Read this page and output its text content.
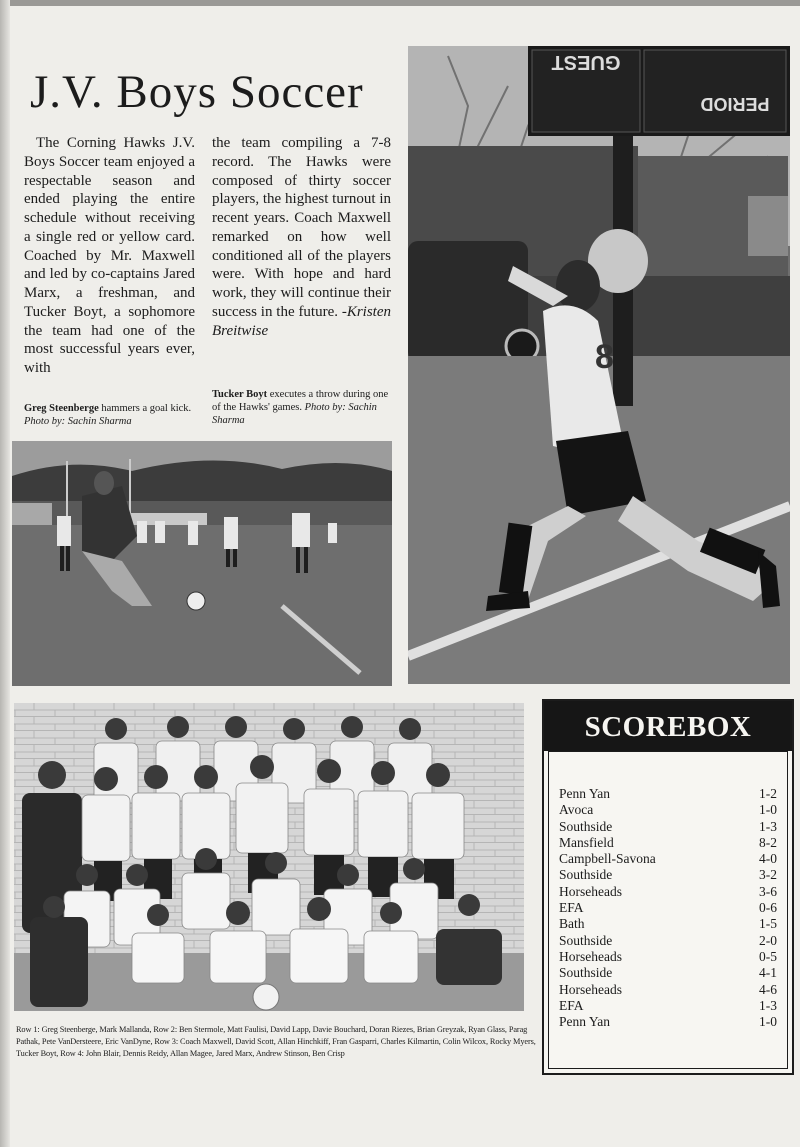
J.V. Boys Soccer

The Corning Hawks J.V. Boys Soccer team enjoyed a respectable season and ended playing the entire schedule without receiving a single red or yellow card. Coached by Mr. Maxwell and led by co-captains Jared Marx, a freshman, and Tucker Boyt, a sophomore the team had one of the most successful years ever, with

the team compiling a 7-8 record. The Hawks were composed of thirty soccer players, the highest turnout in recent years. Coach Maxwell remarked on how well conditioned all of the players were. With hope and hard work, they will continue their success in the future. -Kristen Breitwise

Greg Steenberge hammers a goal kick. Photo by: Sachin Sharma

Tucker Boyt executes a throw during one of the Hawks' games. Photo by: Sachin Sharma

GUEST
PERIOD
8

Row 1: Greg Steenberge, Mark Mallanda, Row 2: Ben Stermole, Matt Faulisi, David Lapp, Davie Bouchard, Doran Riezes, Brian Greyzak, Ryan Glass, Parag Pathak, Pete VanDersteere, Eric VanDyne, Row 3: Coach Maxwell, David Scott, Allan Hinchkiff, Fran Gasparri, Charles Kilmartin, Colin Wilcox, Rocky Myers, Tucker Boyt, Row 4: John Blair, Dennis Reidy, Allan Magee, Jared Marx, Andrew Stinson, Ben Crisp

SCOREBOX
Penn Yan	1-2
Avoca	1-0
Southside	1-3
Mansfield	8-2
Campbell-Savona	4-0
Southside	3-2
Horseheads	3-6
EFA	0-6
Bath	1-5
Southside	2-0
Horseheads	0-5
Southside	4-1
Horseheads	4-6
EFA	1-3
Penn Yan	1-0
